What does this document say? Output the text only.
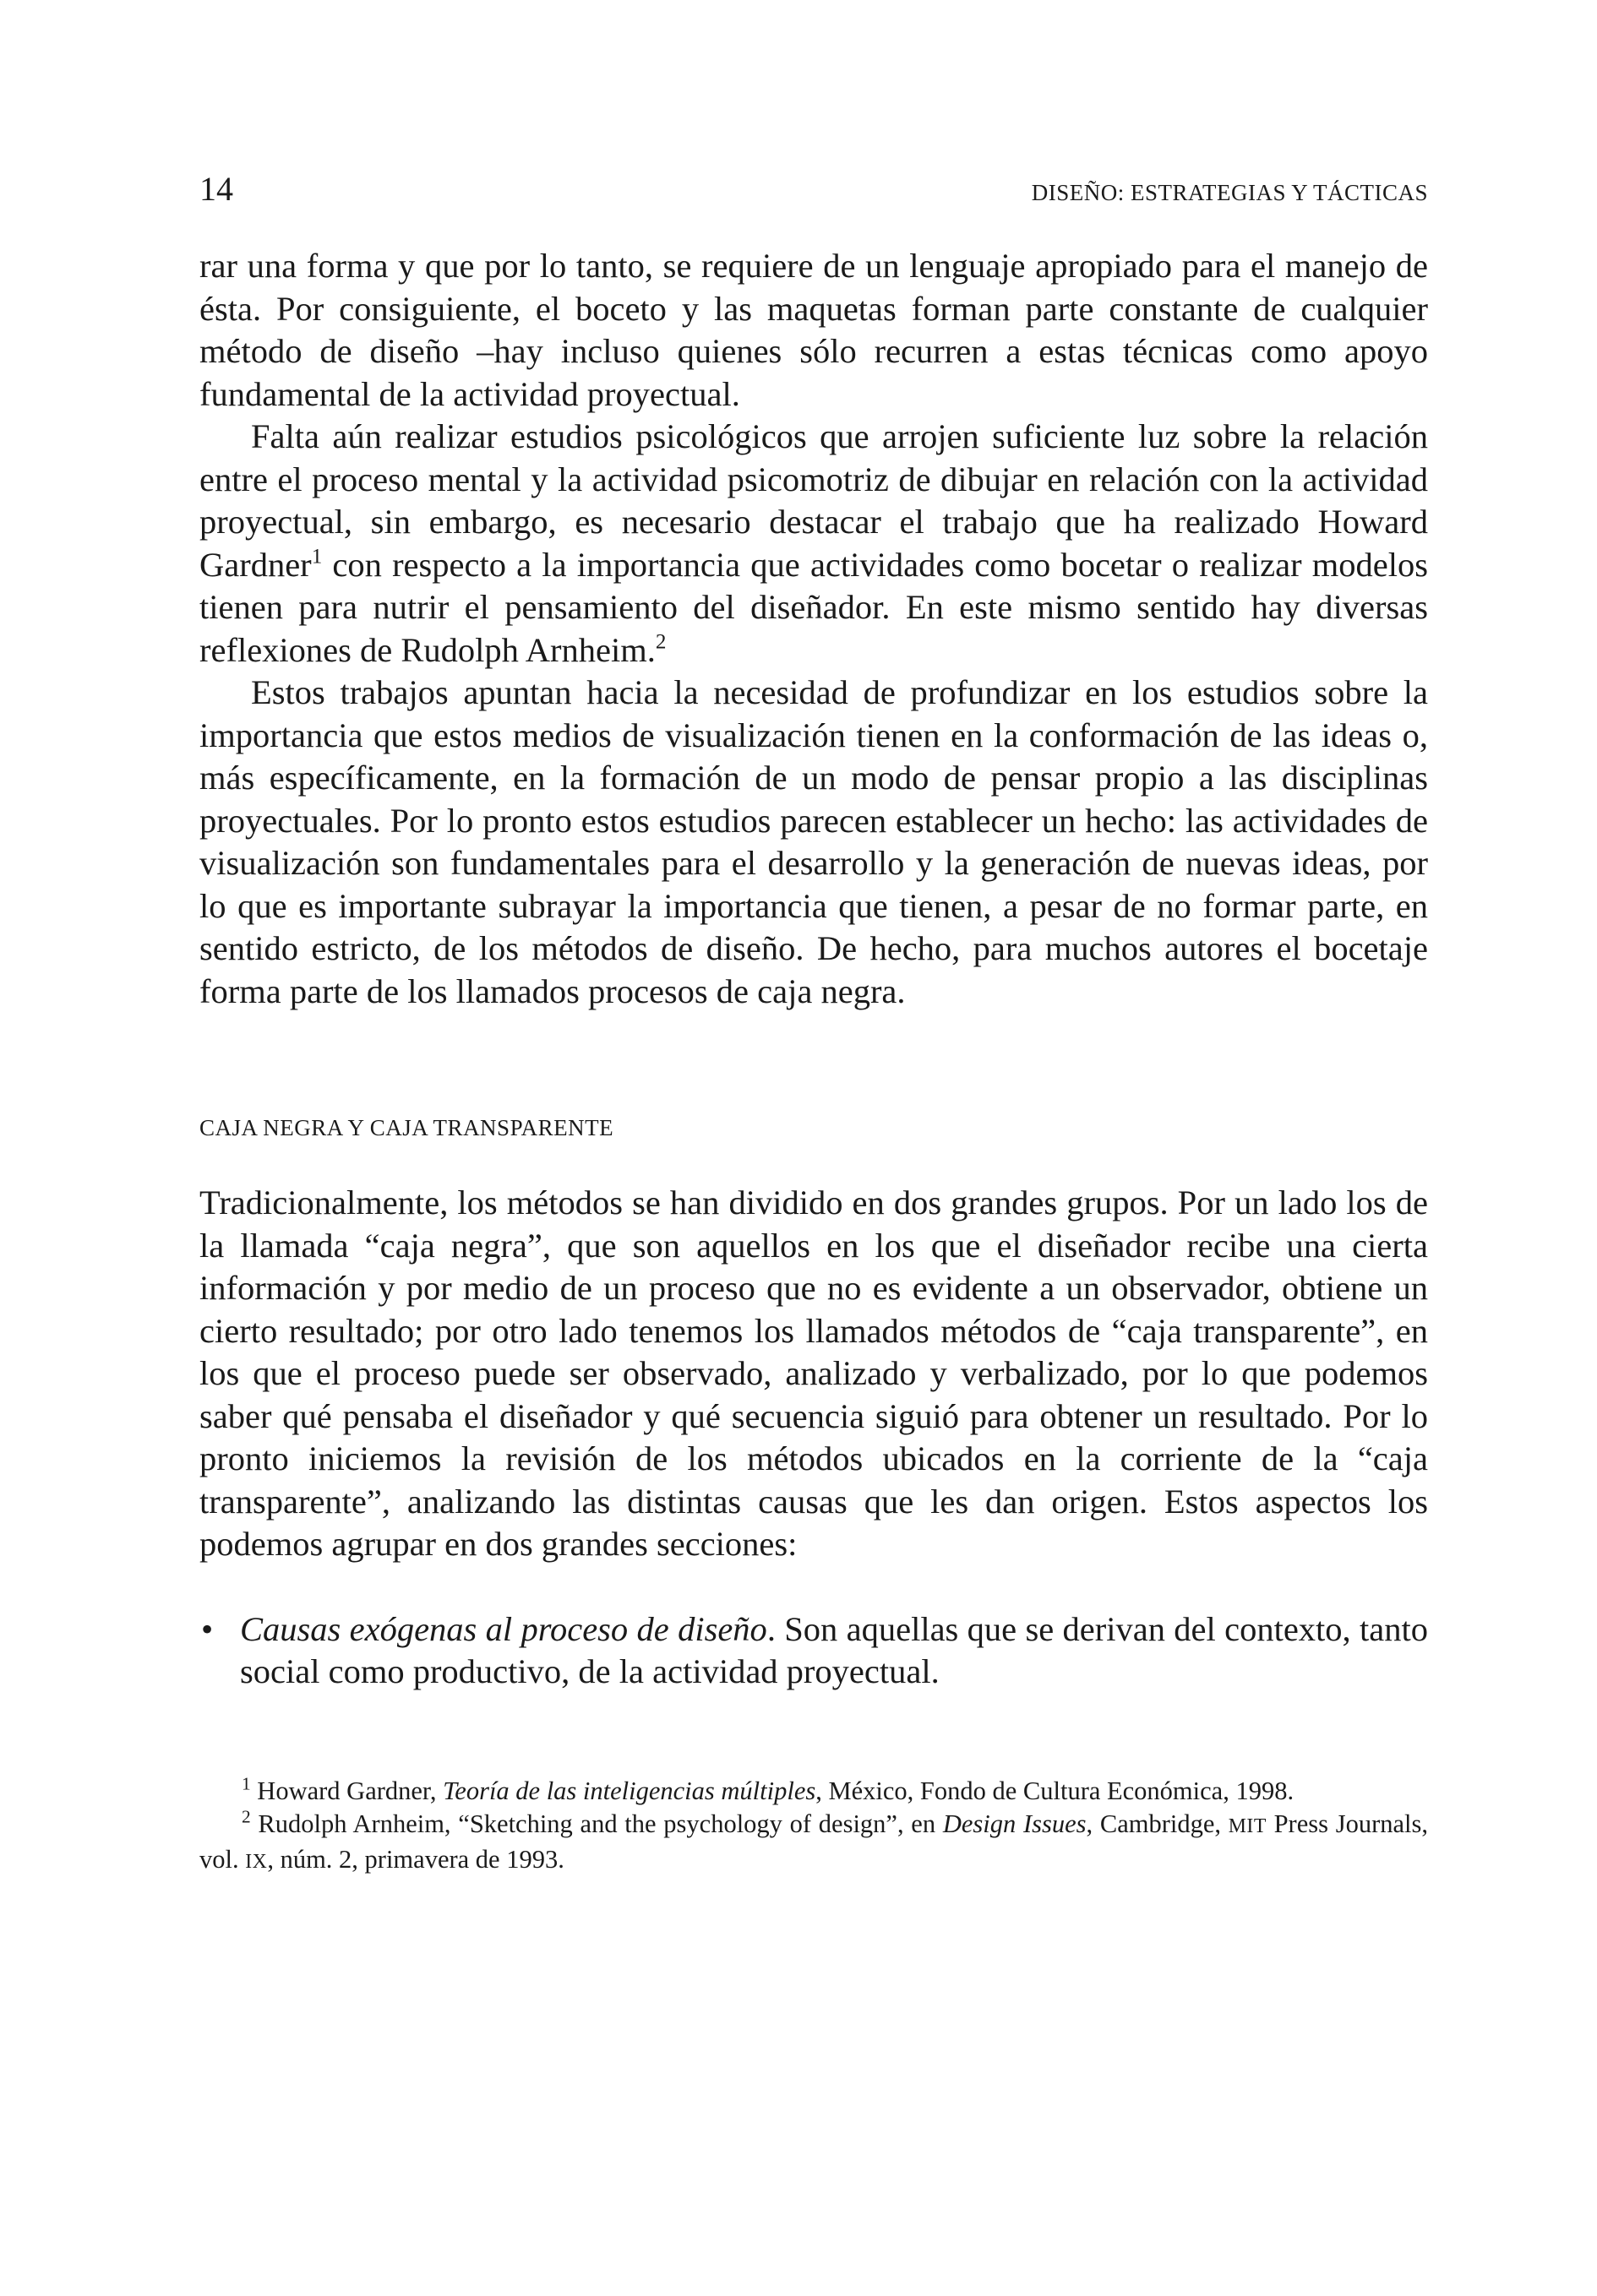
14	DISEÑO: ESTRATEGIAS Y TÁCTICAS

rar una forma y que por lo tanto, se requiere de un lenguaje apropiado para el manejo de ésta. Por consiguiente, el boceto y las maquetas forman parte constante de cualquier método de diseño –hay incluso quienes sólo recurren a estas técnicas como apoyo fundamental de la actividad proyectual.

Falta aún realizar estudios psicológicos que arrojen suficiente luz sobre la relación entre el proceso mental y la actividad psicomotriz de dibujar en relación con la actividad proyectual, sin embargo, es necesario destacar el trabajo que ha realizado Howard Gardner$^1$ con respecto a la importancia que actividades como bocetar o realizar modelos tienen para nutrir el pensamiento del diseñador. En este mismo sentido hay diversas reflexiones de Rudolph Arnheim.$^2$

Estos trabajos apuntan hacia la necesidad de profundizar en los estudios sobre la importancia que estos medios de visualización tienen en la conformación de las ideas o, más específicamente, en la formación de un modo de pensar propio a las disciplinas proyectuales. Por lo pronto estos estudios parecen establecer un hecho: las actividades de visualización son fundamentales para el desarrollo y la generación de nuevas ideas, por lo que es importante subrayar la importancia que tienen, a pesar de no formar parte, en sentido estricto, de los métodos de diseño. De hecho, para muchos autores el bocetaje forma parte de los llamados procesos de caja negra.

CAJA NEGRA Y CAJA TRANSPARENTE

Tradicionalmente, los métodos se han dividido en dos grandes grupos. Por un lado los de la llamada “caja negra”, que son aquellos en los que el diseñador recibe una cierta información y por medio de un proceso que no es evidente a un observador, obtiene un cierto resultado; por otro lado tenemos los llamados métodos de “caja transparente”, en los que el proceso puede ser observado, analizado y verbalizado, por lo que podemos saber qué pensaba el diseñador y qué secuencia siguió para obtener un resultado. Por lo pronto iniciemos la revisión de los métodos ubicados en la corriente de la “caja transparente”, analizando las distintas causas que les dan origen. Estos aspectos los podemos agrupar en dos grandes secciones:

• Causas exógenas al proceso de diseño. Son aquellas que se derivan del contexto, tanto social como productivo, de la actividad proyectual.

$^1$ Howard Gardner, Teoría de las inteligencias múltiples, México, Fondo de Cultura Económica, 1998.

$^2$ Rudolph Arnheim, “Sketching and the psychology of design”, en Design Issues, Cambridge, MIT Press Journals, vol. IX, núm. 2, primavera de 1993.
